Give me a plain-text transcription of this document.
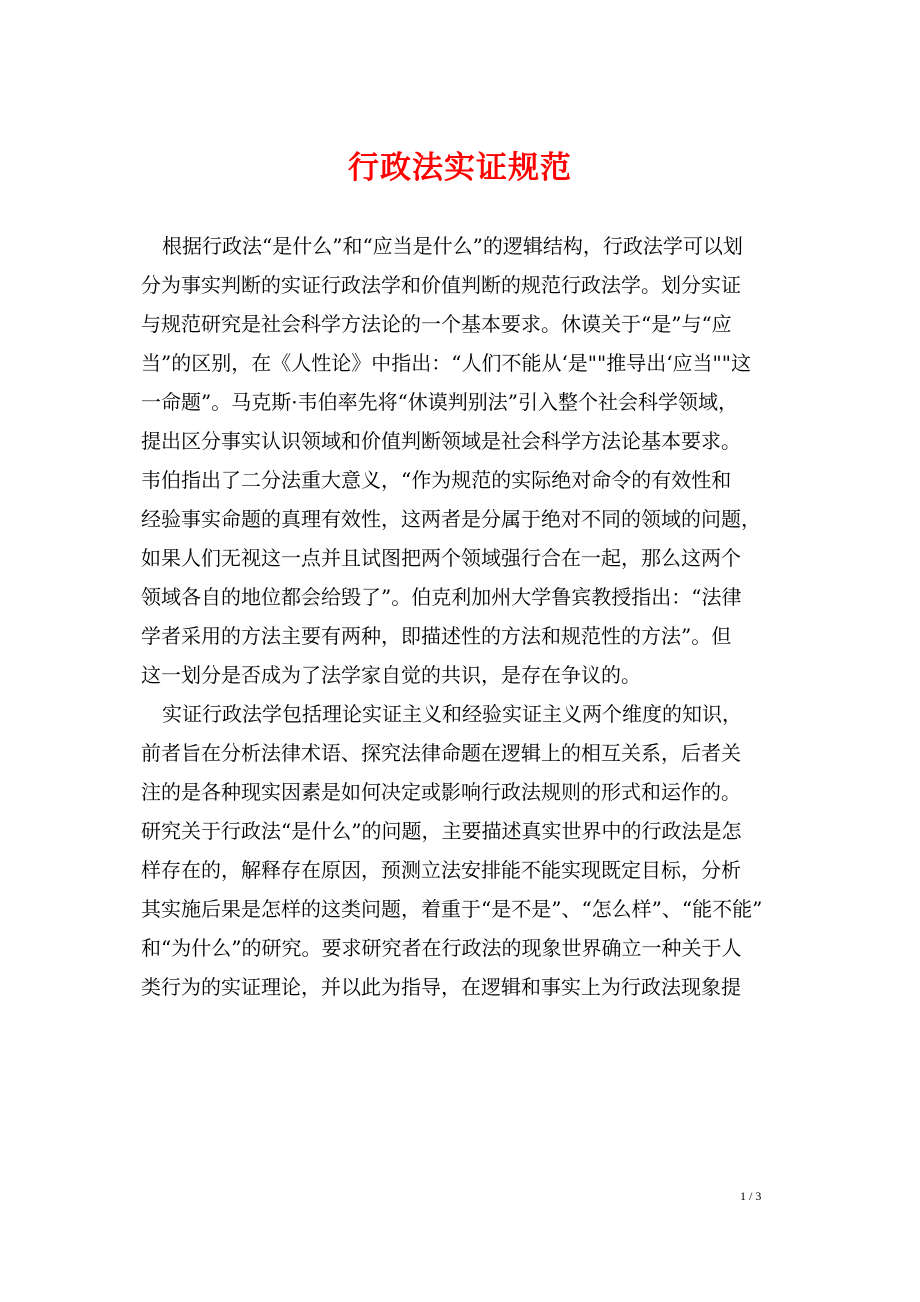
行政法实证规范

根据行政法“是什么”和“应当是什么”的逻辑结构，行政法学可以划
分为事实判断的实证行政法学和价值判断的规范行政法学。划分实证
与规范研究是社会科学方法论的一个基本要求。休谟关于“是”与“应
当”的区别，在《人性论》中指出：“人们不能从‘是""推导出‘应当""这
一命题”。马克斯·韦伯率先将“休谟判别法”引入整个社会科学领域，
提出区分事实认识领域和价值判断领域是社会科学方法论基本要求。
韦伯指出了二分法重大意义，“作为规范的实际绝对命令的有效性和
经验事实命题的真理有效性，这两者是分属于绝对不同的领域的问题，
如果人们无视这一点并且试图把两个领域强行合在一起，那么这两个
领域各自的地位都会给毁了”。伯克利加州大学鲁宾教授指出：“法律
学者采用的方法主要有两种，即描述性的方法和规范性的方法”。但
这一划分是否成为了法学家自觉的共识，是存在争议的。

实证行政法学包括理论实证主义和经验实证主义两个维度的知识，
前者旨在分析法律术语、探究法律命题在逻辑上的相互关系，后者关
注的是各种现实因素是如何决定或影响行政法规则的形式和运作的。
研究关于行政法“是什么”的问题，主要描述真实世界中的行政法是怎
样存在的，解释存在原因，预测立法安排能不能实现既定目标，分析
其实施后果是怎样的这类问题，着重于“是不是”、“怎么样”、“能不能”
和“为什么”的研究。要求研究者在行政法的现象世界确立一种关于人
类行为的实证理论，并以此为指导，在逻辑和事实上为行政法现象提

1 / 3
